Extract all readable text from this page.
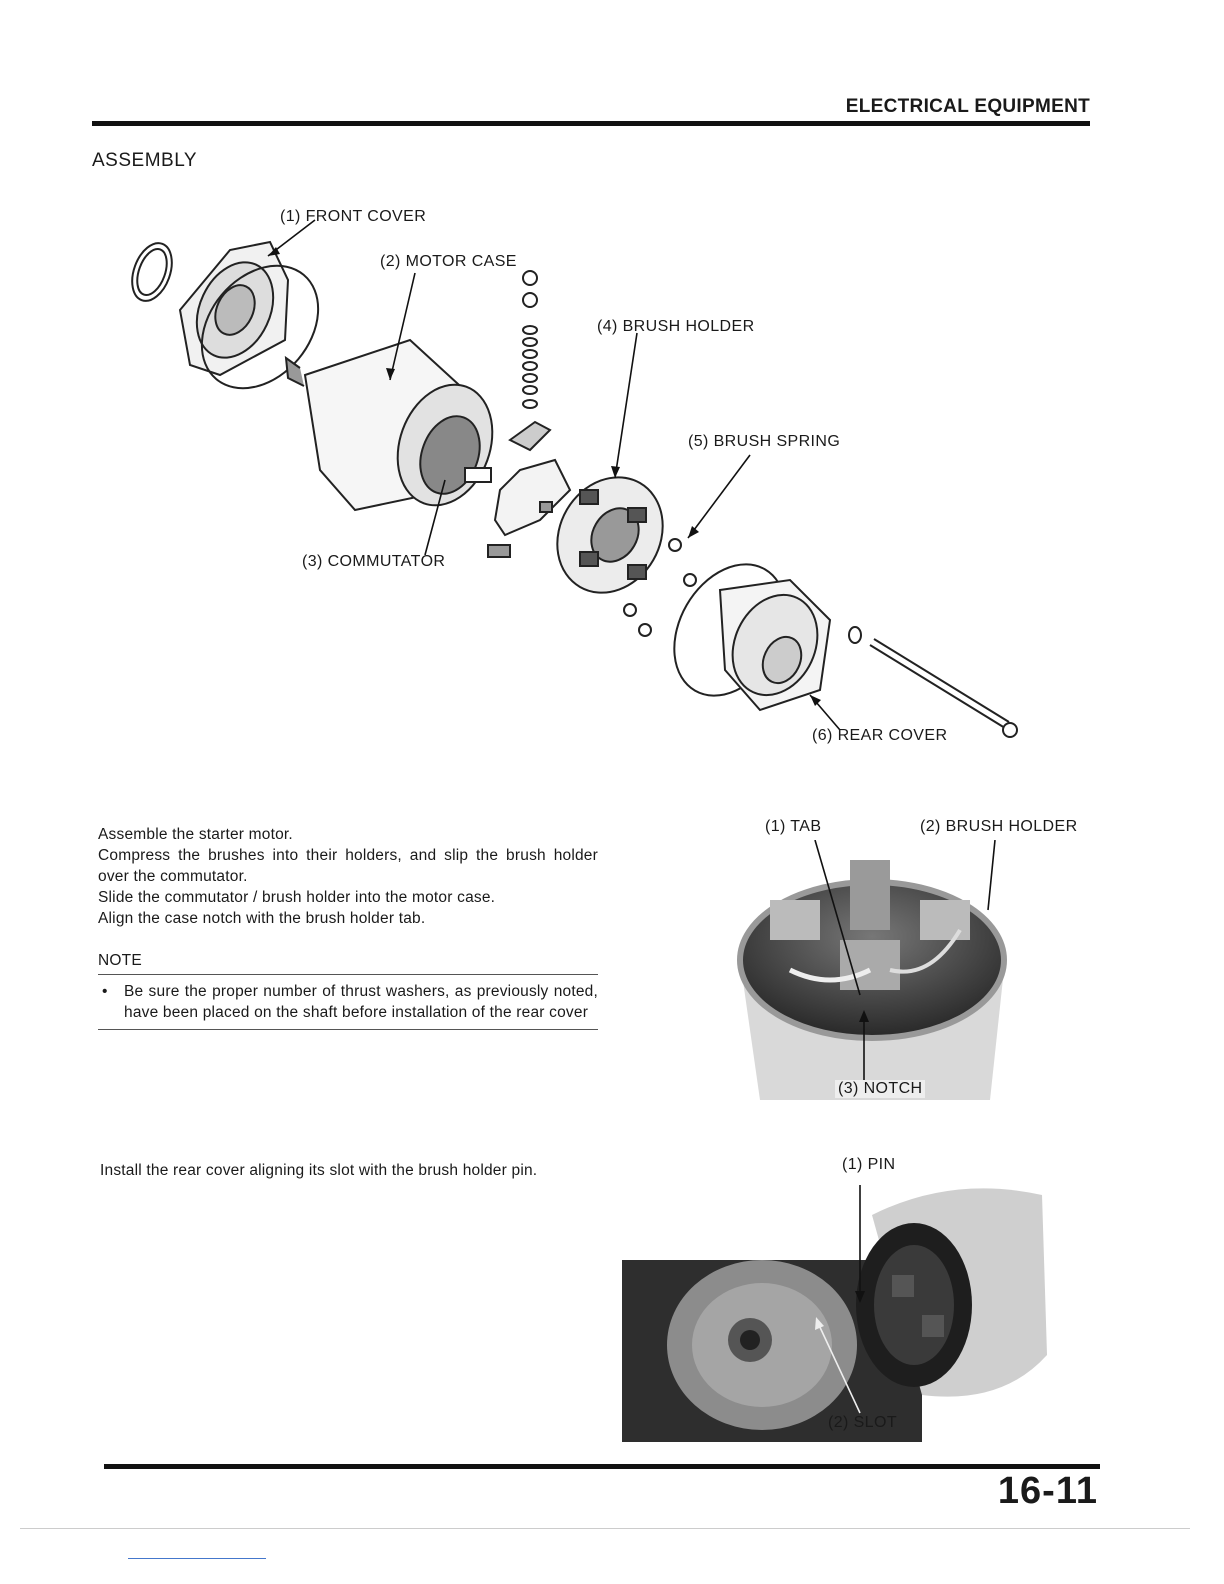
ELECTRICAL EQUIPMENT
ASSEMBLY
(1) FRONT COVER
(2) MOTOR CASE
(3) COMMUTATOR
(4) BRUSH HOLDER
(5) BRUSH SPRING
(6) REAR COVER
Assemble the starter motor.
Compress the brushes into their holders, and slip the brush holder over the commutator.
Slide the commutator / brush holder into the motor case.
Align the case notch with the brush holder tab.
NOTE
•	Be sure the proper number of thrust washers, as previously noted, have been placed on the shaft before installation of the rear cover
(1) TAB	(2) BRUSH HOLDER
(3) NOTCH
Install the rear cover aligning its slot with the brush holder pin.	(1) PIN
(2) SLOT
16-11
